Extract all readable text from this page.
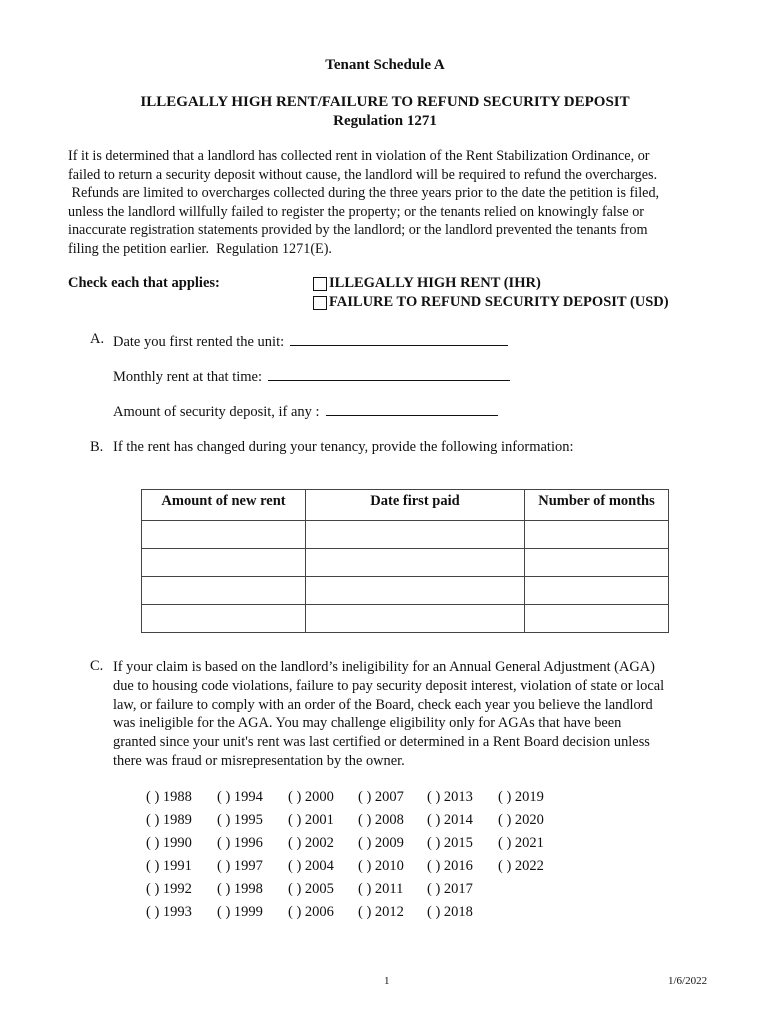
Tenant Schedule A
ILLEGALLY HIGH RENT/FAILURE TO REFUND SECURITY DEPOSIT
Regulation 1271
If it is determined that a landlord has collected rent in violation of the Rent Stabilization Ordinance, or
failed to return a security deposit without cause, the landlord will be required to refund the overcharges.
Refunds are limited to overcharges collected during the three years prior to the date the petition is filed,
unless the landlord willfully failed to register the property; or the tenants relied on knowingly false or
inaccurate registration statements provided by the landlord; or the landlord prevented the tenants from
filing the petition earlier.  Regulation 1271(E).
Check each that applies:	ILLEGALLY HIGH RENT (IHR)
FAILURE TO REFUND SECURITY DEPOSIT (USD)
A. Date you first rented the unit:
Monthly rent at that time:
Amount of security deposit, if any :
B. If the rent has changed during your tenancy, provide the following information:
Amount of new rent	Date first paid	Number of months

C. If your claim is based on the landlord’s ineligibility for an Annual General Adjustment (AGA)
due to housing code violations, failure to pay security deposit interest, violation of state or local
law, or failure to comply with an order of the Board, check each year you believe the landlord
was ineligible for the AGA. You may challenge eligibility only for AGAs that have been
granted since your unit's rent was last certified or determined in a Rent Board decision unless
there was fraud or misrepresentation by the owner.
( ) 1988
( ) 1989
( ) 1990
( ) 1991
( ) 1992
( ) 1993
( ) 1994
( ) 1995
( ) 1996
( ) 1997
( ) 1998
( ) 1999
( ) 2000
( ) 2001
( ) 2002
( ) 2004
( ) 2005
( ) 2006
( ) 2007
( ) 2008
( ) 2009
( ) 2010
( ) 2011
( ) 2012
( ) 2013
( ) 2014
( ) 2015
( ) 2016
( ) 2017
( ) 2018
( ) 2019
( ) 2020
( ) 2021
( ) 2022
1	1/6/2022
